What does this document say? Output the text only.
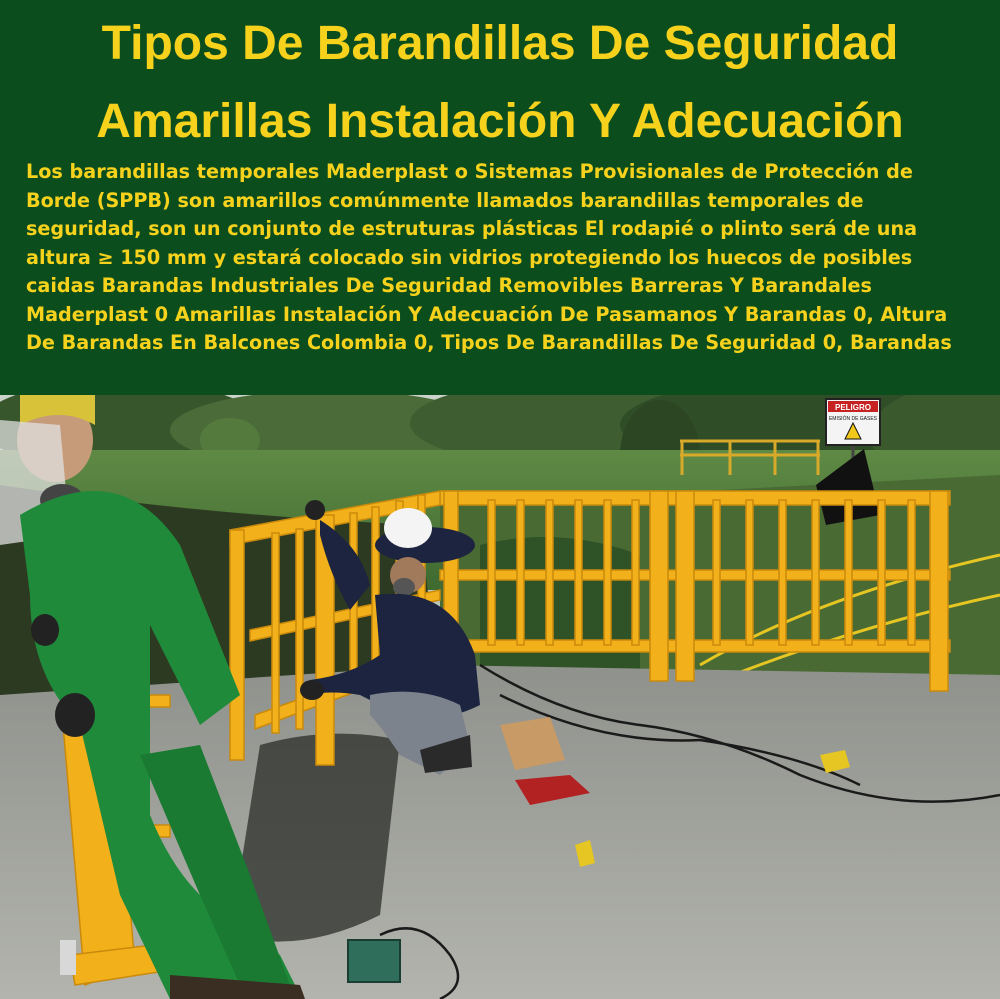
Tipos De Barandillas De Seguridad
Amarillas Instalación Y Adecuación
Los barandillas temporales Maderplast o Sistemas Provisionales de Protección de
Borde (SPPB) son amarillos comúnmente llamados barandillas temporales de
seguridad, son un conjunto de estruturas plásticas El rodapié o plinto será de una
altura ≥ 150 mm y estará colocado sin vidrios protegiendo los huecos de posibles
caidas Barandas Industriales De Seguridad Removibles Barreras Y Barandales
Maderplast 0 Amarillas Instalación Y Adecuación De Pasamanos Y Barandas 0, Altura
De Barandas En Balcones Colombia 0, Tipos De Barandillas De Seguridad 0, Barandas
PELIGRO
EMISIÓN DE GASES
